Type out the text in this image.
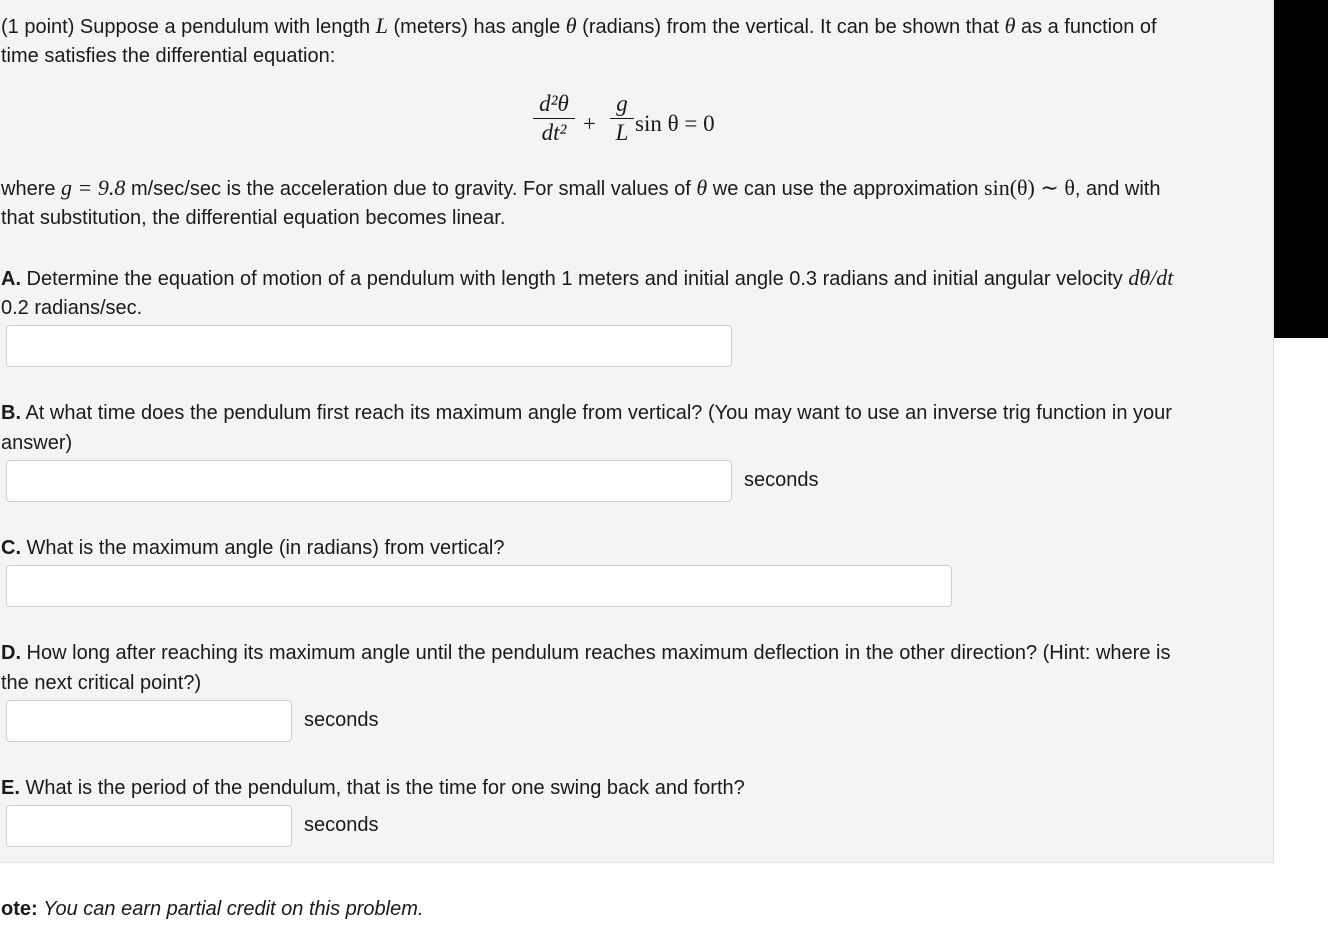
(1 point) Suppose a pendulum with length L (meters) has angle θ (radians) from the vertical. It can be shown that θ as a function of
time satisfies the differential equation:
d²θ
dt² +
g
L sin θ = 0
where g = 9.8 m/sec/sec is the acceleration due to gravity. For small values of θ we can use the approximation sin(θ) ∼ θ, and with
that substitution, the differential equation becomes linear.
A. Determine the equation of motion of a pendulum with length 1 meters and initial angle 0.3 radians and initial angular velocity dθ/dt
0.2 radians/sec.
B. At what time does the pendulum first reach its maximum angle from vertical? (You may want to use an inverse trig function in your
answer)
seconds
C. What is the maximum angle (in radians) from vertical?
D. How long after reaching its maximum angle until the pendulum reaches maximum deflection in the other direction? (Hint: where is
the next critical point?)
seconds
E. What is the period of the pendulum, that is the time for one swing back and forth?
seconds
ote: You can earn partial credit on this problem.
